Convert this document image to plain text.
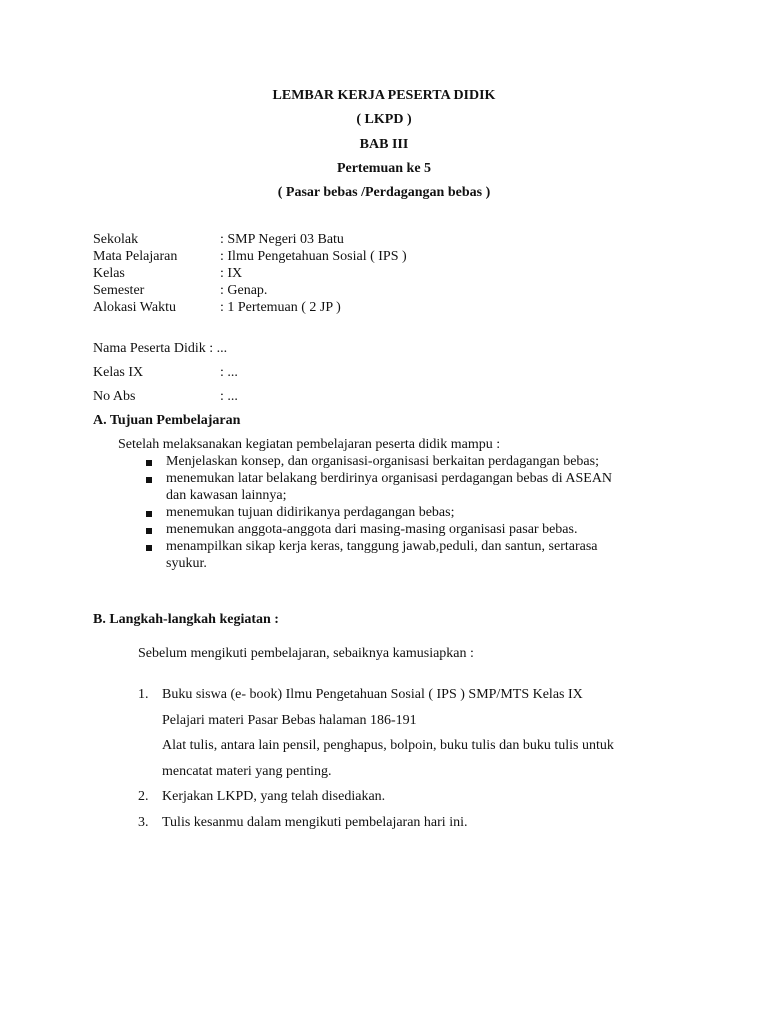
LEMBAR KERJA PESERTA DIDIK
( LKPD )
BAB III
Pertemuan ke 5
( Pasar bebas /Perdagangan bebas )
Sekolak	: SMP Negeri 03 Batu
Mata Pelajaran	: Ilmu Pengetahuan Sosial ( IPS )
Kelas	: IX
Semester	: Genap.
Alokasi Waktu	: 1 Pertemuan ( 2 JP )
Nama Peserta Didik : ...
Kelas IX	: ...
No Abs	: ...
A. Tujuan Pembelajaran
Setelah melaksanakan kegiatan pembelajaran peserta didik mampu :
Menjelaskan konsep, dan organisasi-organisasi berkaitan perdagangan bebas;
menemukan latar belakang berdirinya organisasi perdagangan bebas di ASEAN
dan kawasan lainnya;
menemukan tujuan didirikanya perdagangan bebas;
menemukan anggota-anggota dari masing-masing organisasi pasar bebas.
menampilkan sikap kerja keras, tanggung jawab,peduli, dan santun, sertarasa
syukur.
B. Langkah-langkah kegiatan :
Sebelum mengikuti pembelajaran, sebaiknya kamusiapkan :
1. Buku siswa (e- book) Ilmu Pengetahuan Sosial ( IPS ) SMP/MTS Kelas IX
Pelajari materi Pasar Bebas halaman 186-191
Alat tulis, antara lain pensil, penghapus, bolpoin, buku tulis dan buku tulis untuk
mencatat materi yang penting.
2. Kerjakan LKPD, yang telah disediakan.
3. Tulis kesanmu dalam mengikuti pembelajaran hari ini.
